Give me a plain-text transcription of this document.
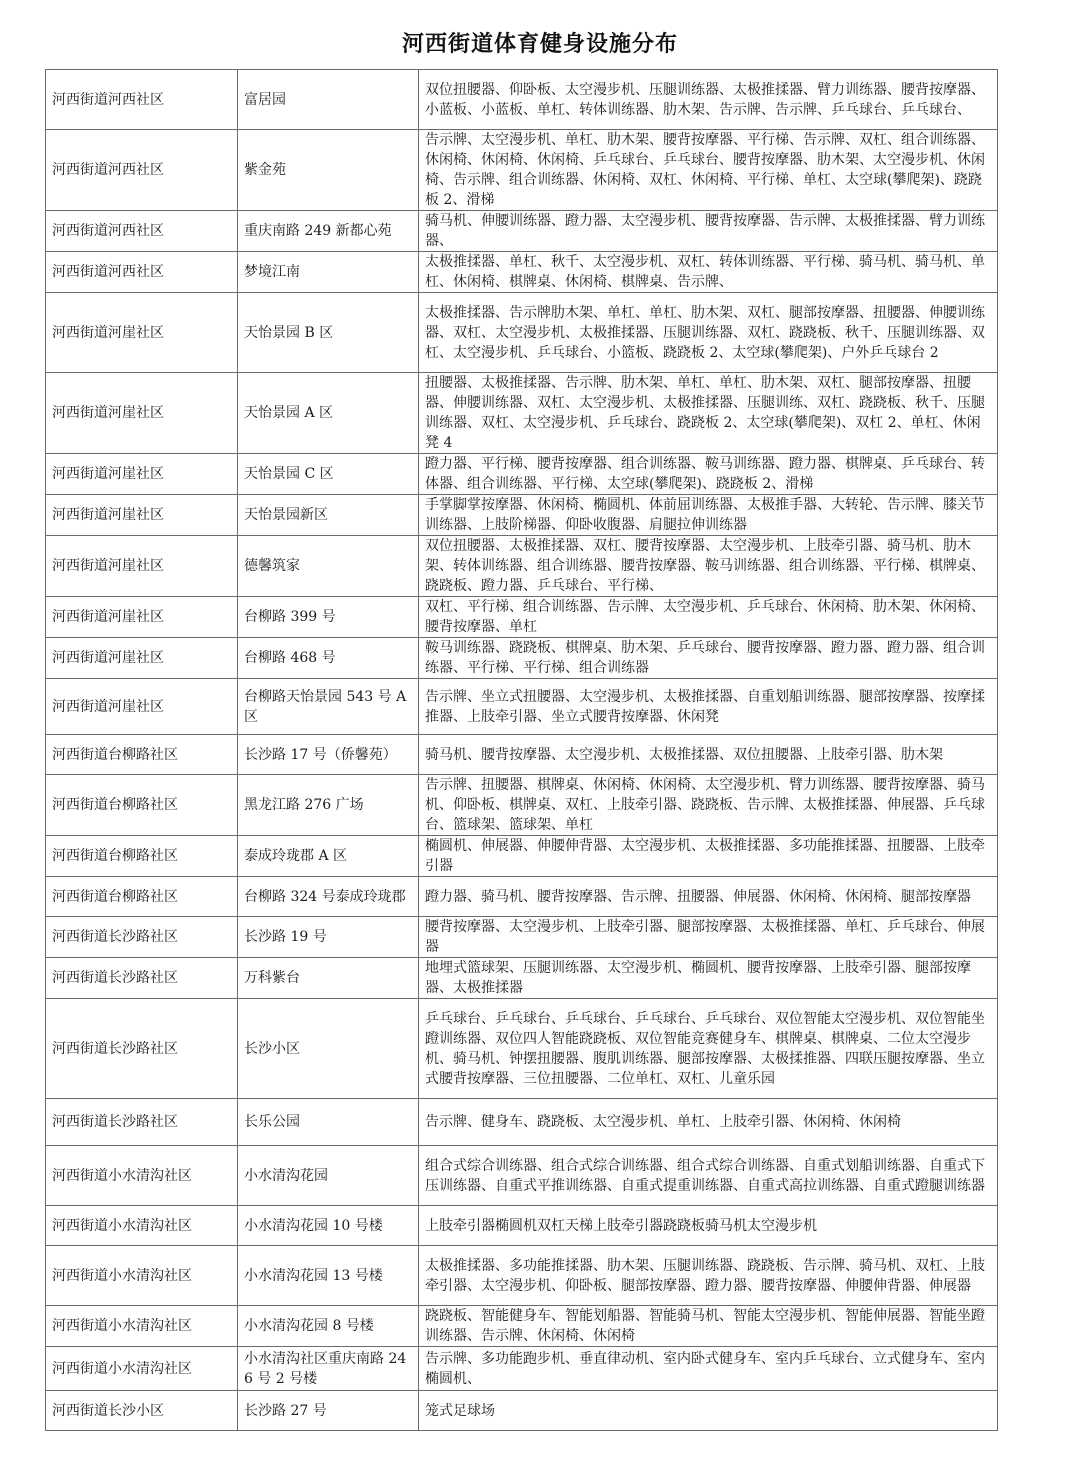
河西街道体育健身设施分布
河西街道河西社区	富居园	双位扭腰器、仰卧板、太空漫步机、压腿训练器、太极推揉器、臂力训练器、腰背按摩器、小蓝板、小蓝板、单杠、转体训练器、肋木架、告示牌、告示牌、乒乓球台、乒乓球台、
河西街道河西社区	紫金苑	告示牌、太空漫步机、单杠、肋木架、腰背按摩器、平行梯、告示牌、双杠、组合训练器、休闲椅、休闲椅、休闲椅、乒乓球台、乒乓球台、腰背按摩器、肋木架、太空漫步机、休闲椅、告示牌、组合训练器、休闲椅、双杠、休闲椅、平行梯、单杠、太空球(攀爬架)、跷跷板 2、滑梯
河西街道河西社区	重庆南路 249 新都心苑	骑马机、伸腰训练器、蹬力器、太空漫步机、腰背按摩器、告示牌、太极推揉器、臂力训练器、
河西街道河西社区	梦境江南	太极推揉器、单杠、秋千、太空漫步机、双杠、转体训练器、平行梯、骑马机、骑马机、单杠、休闲椅、棋牌桌、休闲椅、棋牌桌、告示牌、
河西街道河崖社区	天怡景园 B 区	太极推揉器、告示牌肋木架、单杠、单杠、肋木架、双杠、腿部按摩器、扭腰器、伸腰训练器、双杠、太空漫步机、太极推揉器、压腿训练器、双杠、跷跷板、秋千、压腿训练器、双杠、太空漫步机、乒乓球台、小篮板、跷跷板 2、太空球(攀爬架)、户外乒乓球台 2
河西街道河崖社区	天怡景园 A 区	扭腰器、太极推揉器、告示牌、肋木架、单杠、单杠、肋木架、双杠、腿部按摩器、扭腰器、伸腰训练器、双杠、太空漫步机、太极推揉器、压腿训练、双杠、跷跷板、秋千、压腿训练器、双杠、太空漫步机、乒乓球台、跷跷板 2、太空球(攀爬架)、双杠 2、单杠、休闲凳 4
河西街道河崖社区	天怡景园 C 区	蹬力器、平行梯、腰背按摩器、组合训练器、鞍马训练器、蹬力器、棋牌桌、乒乓球台、转体器、组合训练器、平行梯、太空球(攀爬架)、跷跷板 2、滑梯
河西街道河崖社区	天怡景园新区	手掌脚掌按摩器、休闲椅、椭圆机、体前屈训练器、太极推手器、大转轮、告示牌、膝关节训练器、上肢阶梯器、仰卧收腹器、肩腿拉伸训练器
河西街道河崖社区	德馨筑家	双位扭腰器、太极推揉器、双杠、腰背按摩器、太空漫步机、上肢牵引器、骑马机、肋木架、转体训练器、组合训练器、腰背按摩器、鞍马训练器、组合训练器、平行梯、棋牌桌、跷跷板、蹬力器、乒乓球台、平行梯、
河西街道河崖社区	台柳路 399 号	双杠、平行梯、组合训练器、告示牌、太空漫步机、乒乓球台、休闲椅、肋木架、休闲椅、腰背按摩器、单杠
河西街道河崖社区	台柳路 468 号	鞍马训练器、跷跷板、棋牌桌、肋木架、乒乓球台、腰背按摩器、蹬力器、蹬力器、组合训练器、平行梯、平行梯、组合训练器
河西街道河崖社区	台柳路天怡景园 543 号 A 区	告示牌、坐立式扭腰器、太空漫步机、太极推揉器、自重划船训练器、腿部按摩器、按摩揉推器、上肢牵引器、坐立式腰背按摩器、休闲凳
河西街道台柳路社区	长沙路 17 号（侨馨苑）	骑马机、腰背按摩器、太空漫步机、太极推揉器、双位扭腰器、上肢牵引器、肋木架
河西街道台柳路社区	黑龙江路 276 广场	告示牌、扭腰器、棋牌桌、休闲椅、休闲椅、太空漫步机、臂力训练器、腰背按摩器、骑马机、仰卧板、棋牌桌、双杠、上肢牵引器、跷跷板、告示牌、太极推揉器、伸展器、乒乓球台、篮球架、篮球架、单杠
河西街道台柳路社区	泰成玲珑郡 A 区	椭圆机、伸展器、伸腰伸背器、太空漫步机、太极推揉器、多功能推揉器、扭腰器、上肢牵引器
河西街道台柳路社区	台柳路 324 号泰成玲珑郡	蹬力器、骑马机、腰背按摩器、告示牌、扭腰器、伸展器、休闲椅、休闲椅、腿部按摩器
河西街道长沙路社区	长沙路 19 号	腰背按摩器、太空漫步机、上肢牵引器、腿部按摩器、太极推揉器、单杠、乒乓球台、伸展器
河西街道长沙路社区	万科紫台	地埋式篮球架、压腿训练器、太空漫步机、椭圆机、腰背按摩器、上肢牵引器、腿部按摩器、太极推揉器
河西街道长沙路社区	长沙小区	乒乓球台、乒乓球台、乒乓球台、乒乓球台、乒乓球台、双位智能太空漫步机、双位智能坐蹬训练器、双位四人智能跷跷板、双位智能竞赛健身车、棋牌桌、棋牌桌、二位太空漫步机、骑马机、钟摆扭腰器、腹肌训练器、腿部按摩器、太极揉推器、四联压腿按摩器、坐立式腰背按摩器、三位扭腰器、二位单杠、双杠、儿童乐园
河西街道长沙路社区	长乐公园	告示牌、健身车、跷跷板、太空漫步机、单杠、上肢牵引器、休闲椅、休闲椅
河西街道小水清沟社区	小水清沟花园	组合式综合训练器、组合式综合训练器、组合式综合训练器、自重式划船训练器、自重式下压训练器、自重式平推训练器、自重式提重训练器、自重式高拉训练器、自重式蹬腿训练器
河西街道小水清沟社区	小水清沟花园 10 号楼	上肢牵引器椭圆机双杠天梯上肢牵引器跷跷板骑马机太空漫步机
河西街道小水清沟社区	小水清沟花园 13 号楼	太极推揉器、多功能推揉器、肋木架、压腿训练器、跷跷板、告示牌、骑马机、双杠、上肢牵引器、太空漫步机、仰卧板、腿部按摩器、蹬力器、腰背按摩器、伸腰伸背器、伸展器
河西街道小水清沟社区	小水清沟花园 8 号楼	跷跷板、智能健身车、智能划船器、智能骑马机、智能太空漫步机、智能伸展器、智能坐蹬训练器、告示牌、休闲椅、休闲椅
河西街道小水清沟社区	小水清沟社区重庆南路 246 号 2 号楼	告示牌、多功能跑步机、垂直律动机、室内卧式健身车、室内乒乓球台、立式健身车、室内椭圆机、
河西街道长沙小区	长沙路 27 号	笼式足球场
